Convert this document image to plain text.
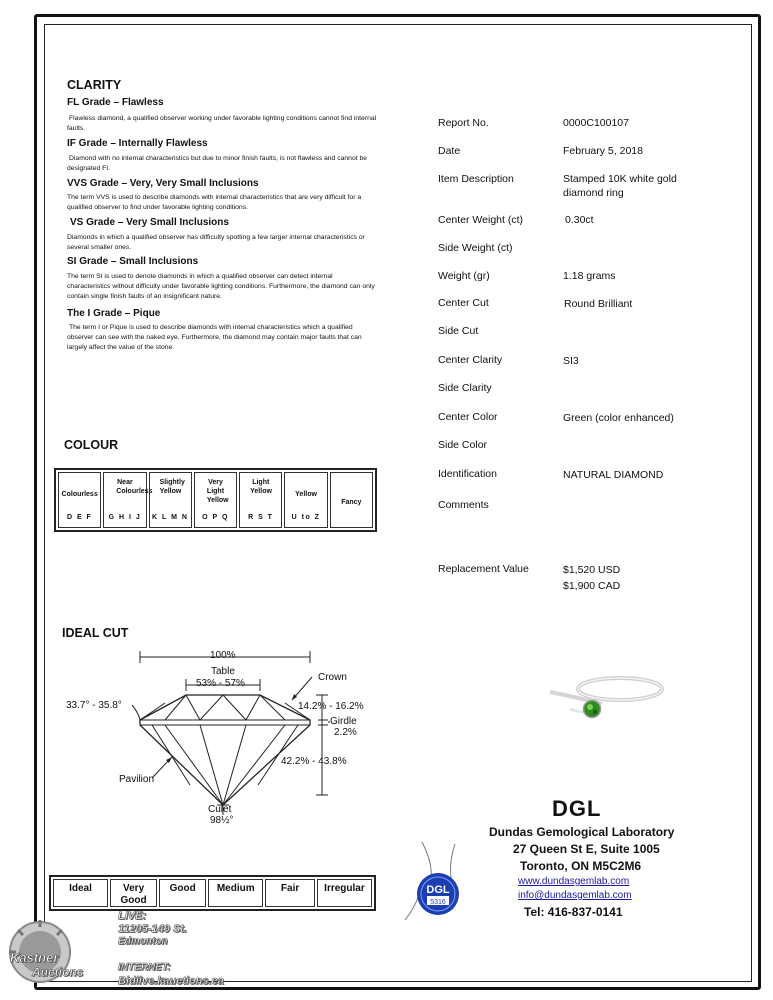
CLARITY
FL Grade – Flawless
Flawless diamond, a qualified observer working under favorable lighting conditions cannot find internal faults.
IF Grade – Internally Flawless
Diamond with no internal characteristics but due to minor finish faults, is not flawless and cannot be designated FI.
VVS Grade – Very, Very Small Inclusions
The term VVS is used to describe diamonds with internal characteristics that are very difficult for a qualified observer to find under favorable lighting conditions.
VS Grade – Very Small Inclusions
Diamonds in which a qualified observer has difficulty spotting a few larger internal characteristics or several smaller ones.
SI Grade – Small Inclusions
The term SI is used to denote diamonds in which a qualified observer can detect internal characteristics without difficulty under favorable lighting conditions. Furthermore, the diamond can only contain single finish faults of an insignificant nature.
The I Grade – Pique
The term I or Pique is used to describe diamonds with internal characteristics which a qualified observer can see with the naked eye. Furthermore, the diamond may contain major faults that can largely affect the value of the stone.
COLOUR
Colourless
D E F
Near Colourless
G H I J
Slightly Yellow
K L M N
Very Light Yellow
O P Q
Light Yellow
R S T
Yellow
U to Z
Fancy
IDEAL CUT
100%
Table
53% - 57%
Crown
33.7° - 35.8°	14.2% - 16.2%
Girdle
2.2%
42.2% - 43.8%
Pavilion
Culet
98½°
Ideal	Very Good
Good	Medium	Fair	Irregular
Report No.	0000C100107
Date	February 5, 2018
Item Description	Stamped 10K white gold diamond ring
Center Weight (ct)	0.30ct
Side Weight (ct)
Weight (gr)	1.18 grams
Center Cut	Round Brilliant
Side Cut
Center Clarity	SI3
Side Clarity
Center Color	Green (color enhanced)
Side Color
Identification	NATURAL DIAMOND
Comments
Replacement Value	$1,520 USD
$1,900 CAD
DGL
Dundas Gemological Laboratory
27 Queen St E, Suite 1005
Toronto, ON M5C2M6
www.dundasgemlab.com
info@dundasgemlab.com
Tel: 416-837-0141
DGL
5316
Kastner
Auctions
LIVE:
11205-149 St.
Edmonton
INTERNET:
Bidlive.kauctions.ca
